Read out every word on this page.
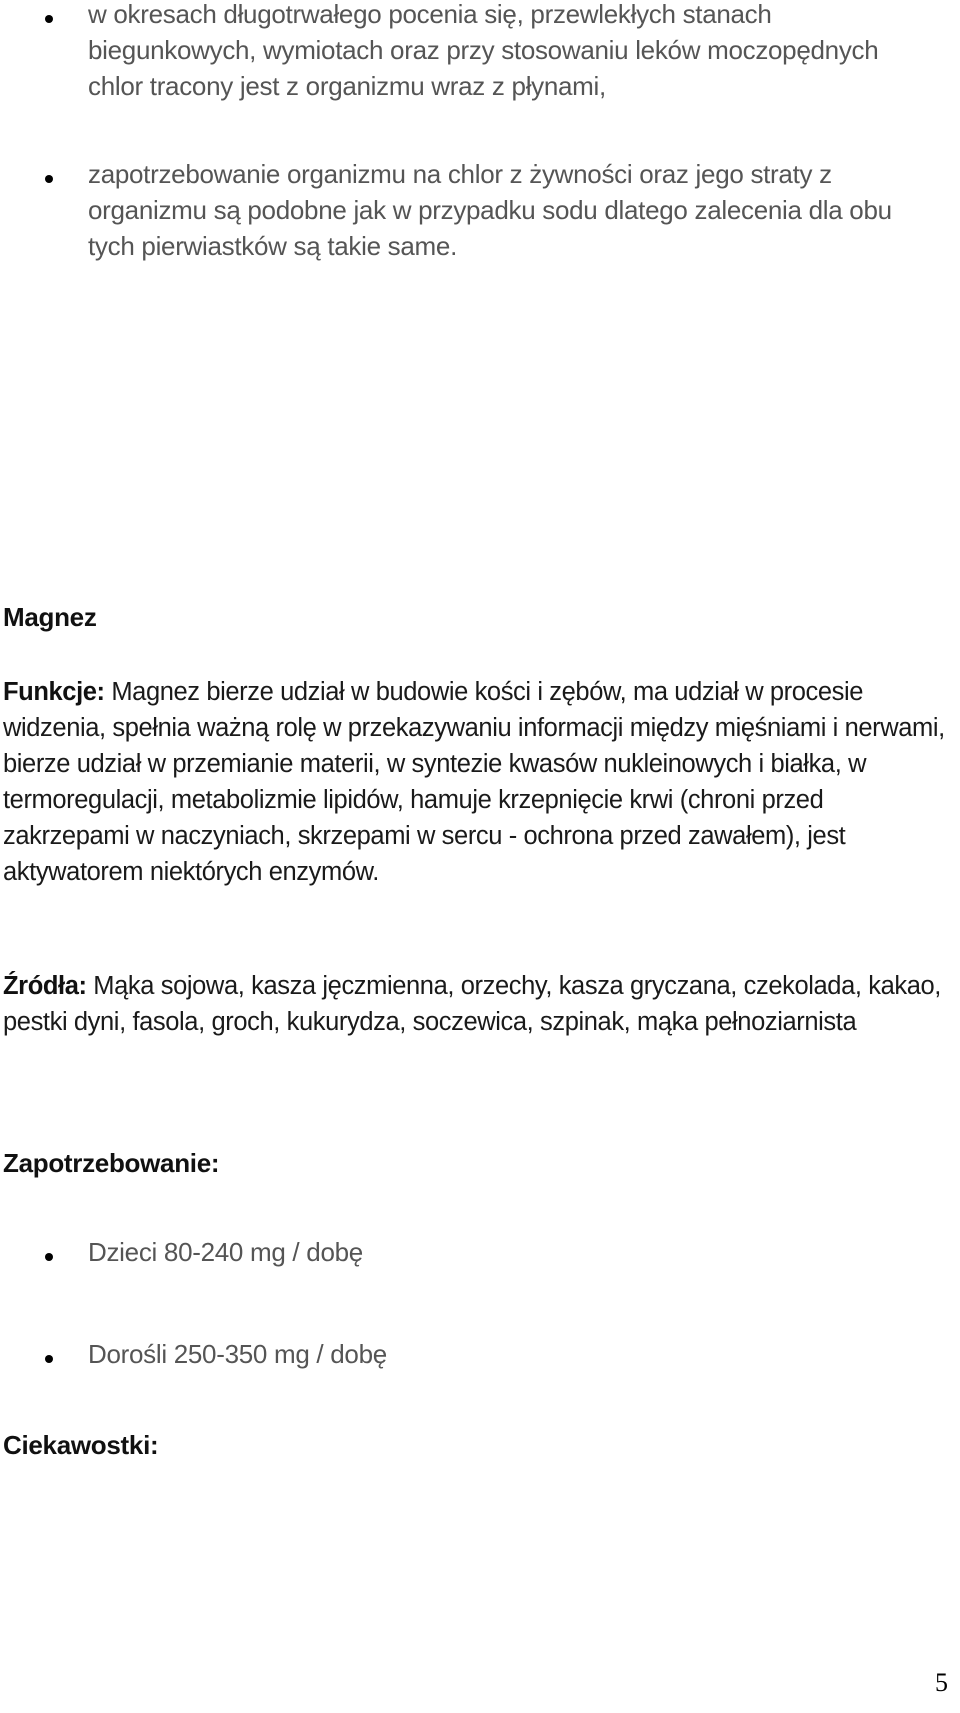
w okresach długotrwałego pocenia się, przewlekłych stanach biegunkowych, wymiotach oraz przy stosowaniu leków moczopędnych chlor tracony jest z organizmu wraz z płynami,
zapotrzebowanie organizmu na chlor z żywności oraz jego straty z organizmu są podobne jak w przypadku sodu dlatego zalecenia dla obu tych pierwiastków są takie same.
Magnez
Funkcje: Magnez bierze udział w budowie kości i zębów, ma udział w procesie widzenia, spełnia ważną rolę w przekazywaniu informacji między mięśniami i nerwami, bierze udział w przemianie materii, w syntezie kwasów nukleinowych i białka, w termoregulacji, metabolizmie lipidów, hamuje krzepnięcie krwi (chroni przed zakrzepami w naczyniach, skrzepami w sercu - ochrona przed zawałem), jest aktywatorem niektórych enzymów.
Źródła: Mąka sojowa, kasza jęczmienna, orzechy, kasza gryczana, czekolada, kakao, pestki dyni, fasola, groch, kukurydza, soczewica, szpinak, mąka pełnoziarnista
Zapotrzebowanie:
Dzieci 80-240 mg / dobę
Dorośli 250-350 mg / dobę
Ciekawostki:
5
